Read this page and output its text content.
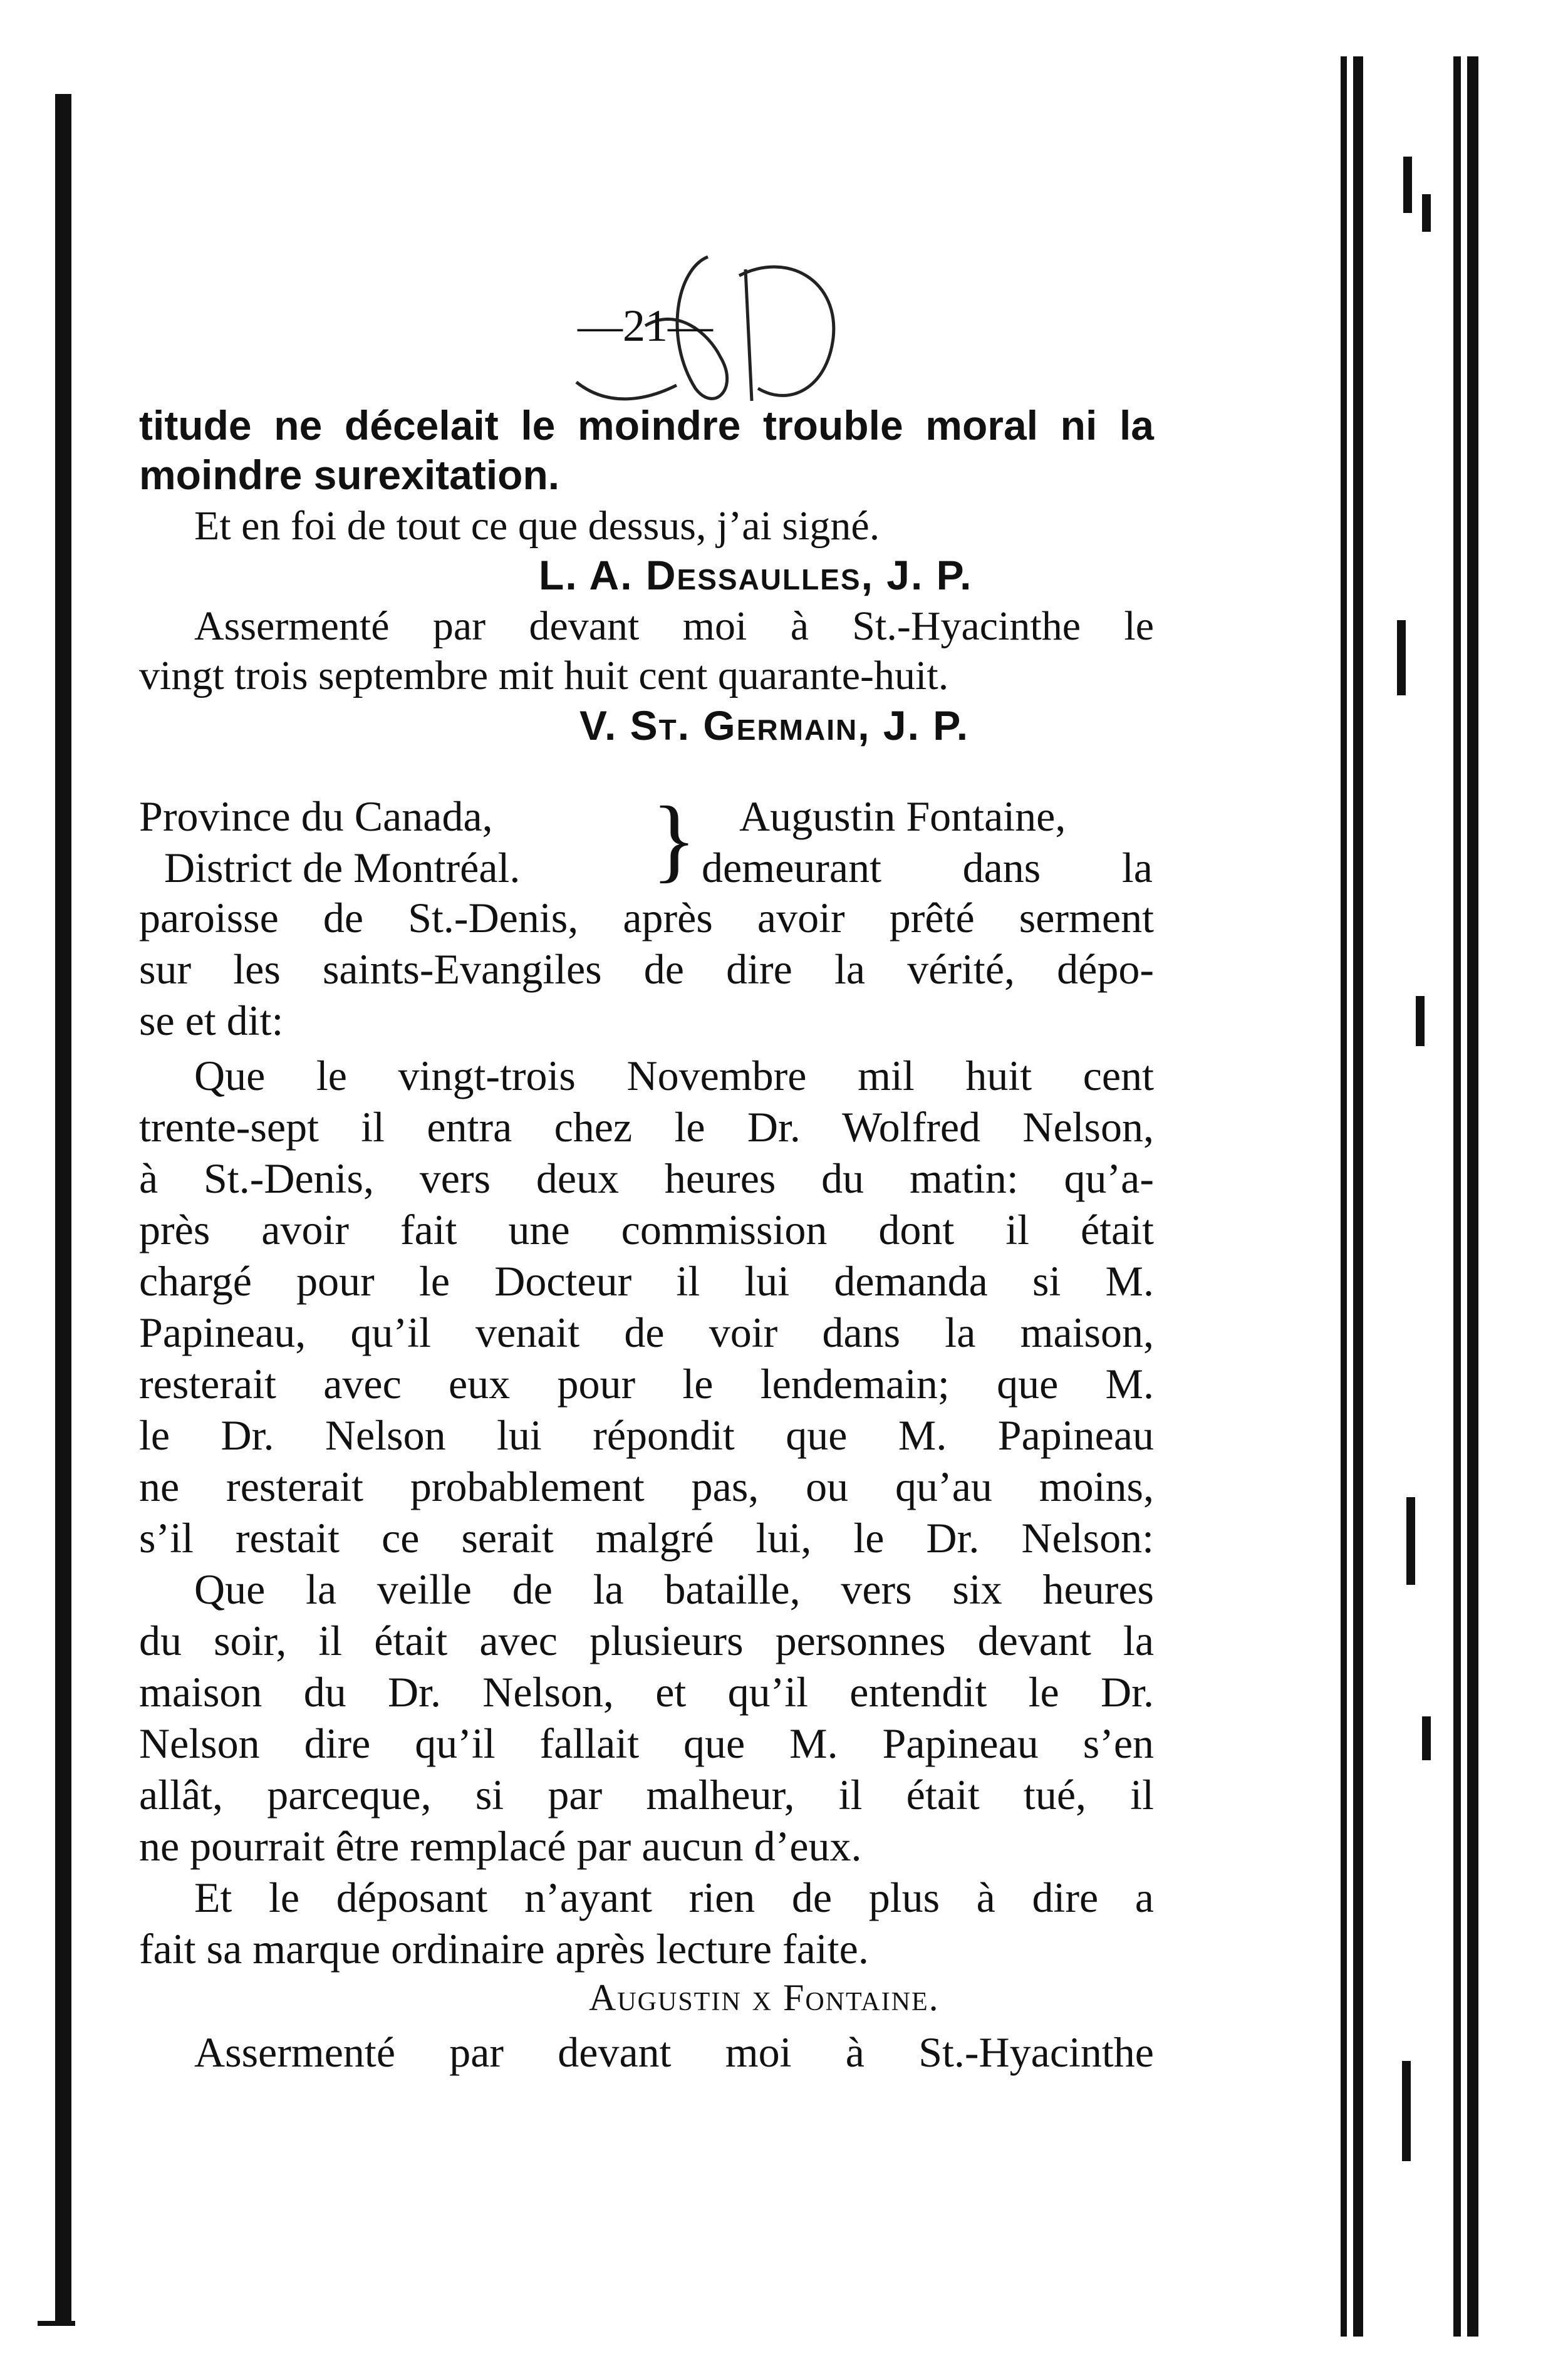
—21—
titude ne décelait le moindre trouble moral ni la
moindre surexitation.
Et en foi de tout ce que dessus, j’ai signé.
L. A. Dessaulles, J. P.
Assermenté par devant moi à St.-Hyacinthe le
vingt trois septembre mit huit cent quarante-huit.
V. St. Germain, J. P.
Province du Canada,
District de Montréal. } Augustin Fontaine,
demeurant dans la
paroisse de St.-Denis, après avoir prêté serment
sur les saints-Evangiles de dire la vérité, dépo-
se et dit:
Que le vingt-trois Novembre mil huit cent
trente-sept il entra chez le Dr. Wolfred Nelson,
à St.-Denis, vers deux heures du matin: qu’a-
près avoir fait une commission dont il était
chargé pour le Docteur il lui demanda si M.
Papineau, qu’il venait de voir dans la maison,
resterait avec eux pour le lendemain; que M.
le Dr. Nelson lui répondit que M. Papineau
ne resterait probablement pas, ou qu’au moins,
s’il restait ce serait malgré lui, le Dr. Nelson:
Que la veille de la bataille, vers six heures
du soir, il était avec plusieurs personnes devant la
maison du Dr. Nelson, et qu’il entendit le Dr.
Nelson dire qu’il fallait que M. Papineau s’en
allât, parceque, si par malheur, il était tué, il
ne pourrait être remplacé par aucun d’eux.
Et le déposant n’ayant rien de plus à dire a
fait sa marque ordinaire après lecture faite.
Augustin x Fontaine.
Assermenté par devant moi à St.-Hyacinthe
